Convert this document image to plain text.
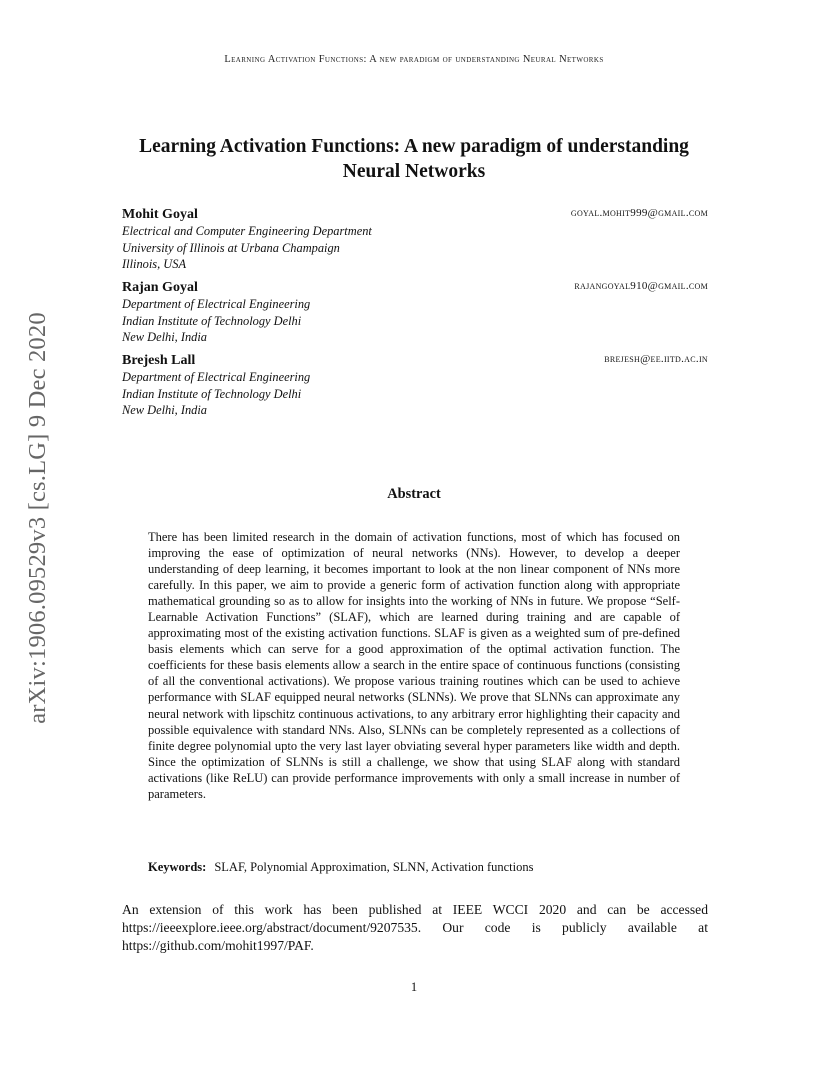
Learning Activation Functions: A new paradigm of understanding Neural Networks
arXiv:1906.09529v3 [cs.LG] 9 Dec 2020
Learning Activation Functions: A new paradigm of understanding Neural Networks
Mohit Goyal	goyal.mohit999@gmail.com
Electrical and Computer Engineering Department
University of Illinois at Urbana Champaign
Illinois, USA
Rajan Goyal	rajangoyal910@gmail.com
Department of Electrical Engineering
Indian Institute of Technology Delhi
New Delhi, India
Brejesh Lall	brejesh@ee.iitd.ac.in
Department of Electrical Engineering
Indian Institute of Technology Delhi
New Delhi, India
Abstract
There has been limited research in the domain of activation functions, most of which has focused on improving the ease of optimization of neural networks (NNs). However, to develop a deeper understanding of deep learning, it becomes important to look at the non linear component of NNs more carefully. In this paper, we aim to provide a generic form of activation function along with appropriate mathematical grounding so as to allow for insights into the working of NNs in future. We propose “Self-Learnable Activation Functions” (SLAF), which are learned during training and are capable of approximating most of the existing activation functions. SLAF is given as a weighted sum of pre-defined basis elements which can serve for a good approximation of the optimal activation function. The coefficients for these basis elements allow a search in the entire space of continuous functions (consisting of all the conventional activations). We propose various training routines which can be used to achieve performance with SLAF equipped neural networks (SLNNs). We prove that SLNNs can approximate any neural network with lipschitz continuous activations, to any arbitrary error highlighting their capacity and possible equivalence with standard NNs. Also, SLNNs can be completely represented as a collections of finite degree polynomial upto the very last layer obviating several hyper parameters like width and depth. Since the optimization of SLNNs is still a challenge, we show that using SLAF along with standard activations (like ReLU) can provide performance improvements with only a small increase in number of parameters.
Keywords: SLAF, Polynomial Approximation, SLNN, Activation functions
An extension of this work has been published at IEEE WCCI 2020 and can be accessed https://ieeexplore.ieee.org/abstract/document/9207535. Our code is publicly available at https://github.com/mohit1997/PAF.
1
